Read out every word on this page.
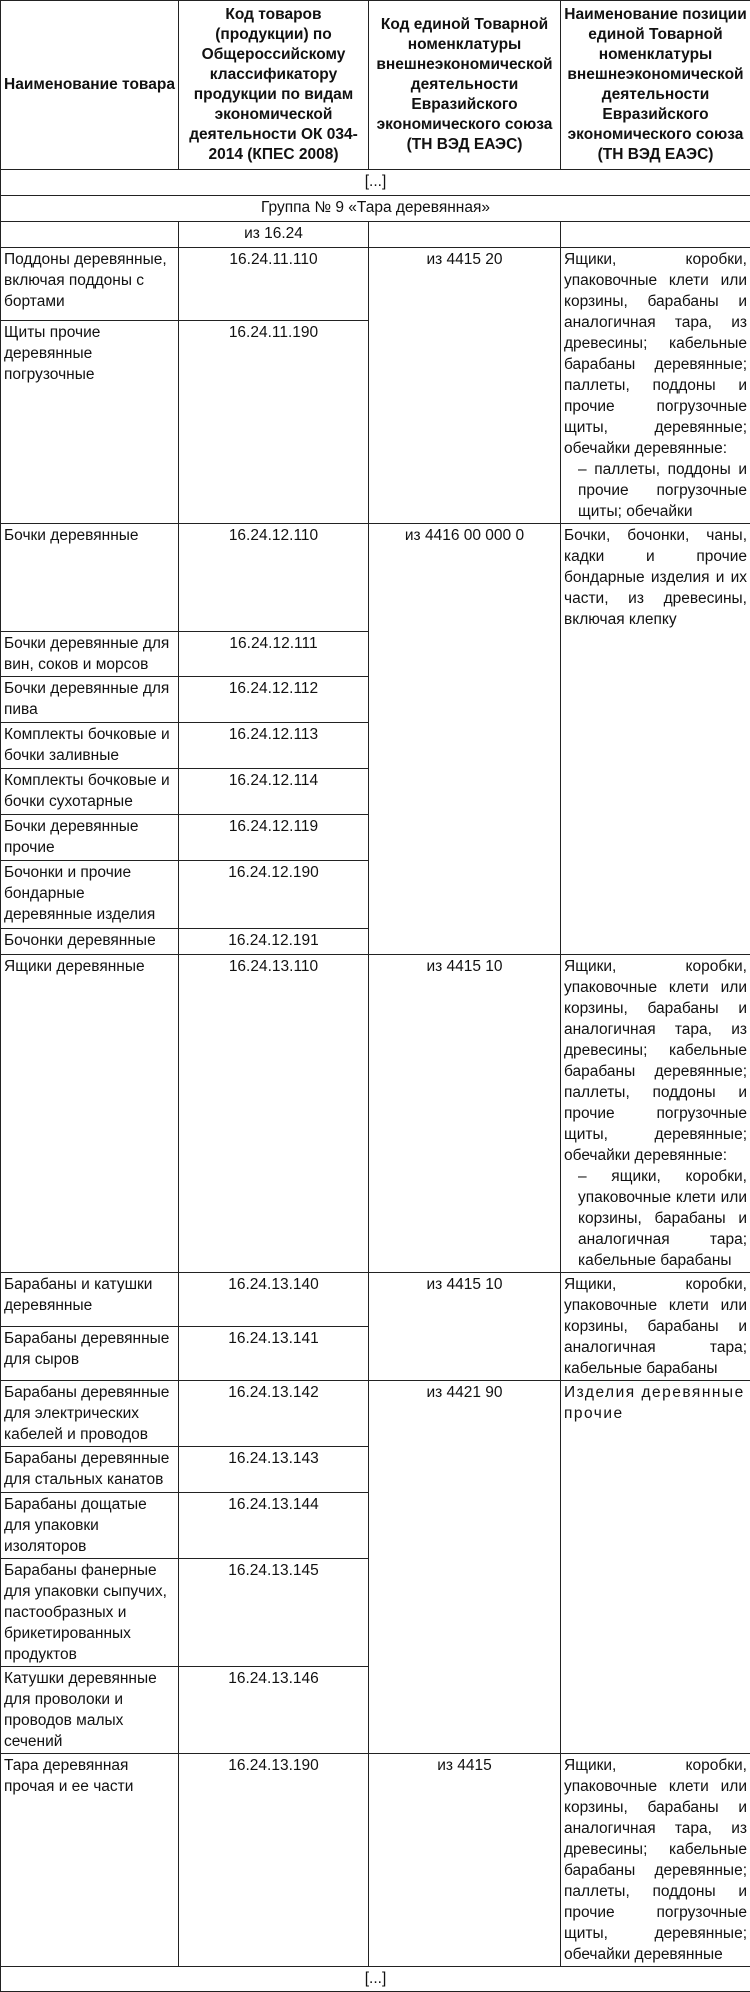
Наименование товара	Код товаров (продукции) по Общероссийскому классификатору продукции по видам экономической деятельности ОК 034-2014 (КПЕС 2008)	Код единой Товарной номенклатуры внешнеэкономической деятельности Евразийского экономического союза (ТН ВЭД ЕАЭС)	Наименование позиции единой Товарной номенклатуры внешнеэкономической деятельности Евразийского экономического союза (ТН ВЭД ЕАЭС)
[...]			
Группа № 9 «Тара деревянная»			
	из 16.24		
Поддоны деревянные, включая поддоны с бортами	16.24.11.110	из 4415 20	Ящики, коробки, упаковочные клети или корзины, барабаны и аналогичная тара, из древесины; кабельные барабаны деревянные; паллеты, поддоны и прочие погрузочные щиты, деревянные; обечайки деревянные:
– паллеты, поддоны и прочие погрузочные щиты; обечайки

Щиты прочие деревянные погрузочные	16.24.11.190		
Бочки деревянные	16.24.12.110	из 4416 00 000 0	Бочки, бочонки, чаны, кадки и прочие бондарные изделия и их части, из древесины, включая клепку
Бочки деревянные для вин, соков и морсов	16.24.12.111		
Бочки деревянные для пива	16.24.12.112		
Комплекты бочковые и бочки заливные	16.24.12.113		
Комплекты бочковые и бочки сухотарные	16.24.12.114		
Бочки деревянные прочие	16.24.12.119		
Бочонки и прочие бондарные деревянные изделия	16.24.12.190		
Бочонки деревянные	16.24.12.191		
Ящики деревянные	16.24.13.110	из 4415 10	Ящики, коробки, упаковочные клети или корзины, барабаны и аналогичная тара, из древесины; кабельные барабаны деревянные; паллеты, поддоны и прочие погрузочные щиты, деревянные; обечайки деревянные:
– ящики, коробки, упаковочные клети или корзины, барабаны и аналогичная тара; кабельные барабаны

Барабаны и катушки деревянные	16.24.13.140	из 4415 10	Ящики, коробки, упаковочные клети или корзины, барабаны и аналогичная тара; кабельные барабаны
Барабаны деревянные для сыров	16.24.13.141		
Барабаны деревянные для электрических кабелей и проводов	16.24.13.142	из 4421 90	Изделия деревянные прочие
Барабаны деревянные для стальных канатов	16.24.13.143		
Барабаны дощатые для упаковки изоляторов	16.24.13.144		
Барабаны фанерные для упаковки сыпучих, пастообразных и брикетированных продуктов	16.24.13.145		
Катушки деревянные для проволоки и проводов малых сечений	16.24.13.146		
Тара деревянная прочая и ее части	16.24.13.190	из 4415	Ящики, коробки, упаковочные клети или корзины, барабаны и аналогичная тара, из древесины; кабельные барабаны деревянные; паллеты, поддоны и прочие погрузочные щиты, деревянные; обечайки деревянные
[...]			
